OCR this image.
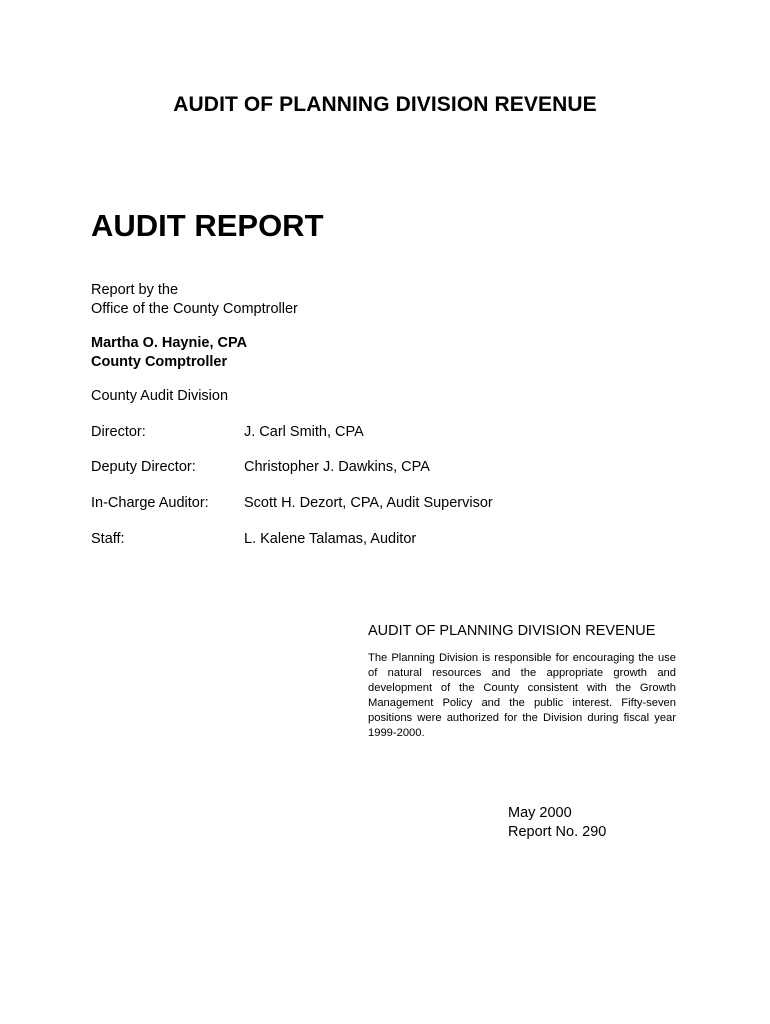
AUDIT OF PLANNING DIVISION REVENUE
AUDIT REPORT
Report by the
Office of the County Comptroller
Martha O. Haynie, CPA
County Comptroller
County Audit Division
Director:	J. Carl Smith, CPA
Deputy Director:	Christopher J. Dawkins, CPA
In-Charge Auditor: Scott H. Dezort, CPA, Audit Supervisor
Staff:	L. Kalene Talamas, Auditor
AUDIT OF PLANNING DIVISION REVENUE
The Planning Division is responsible for encouraging the use of natural resources and the appropriate growth and development of the County consistent with the Growth Management Policy and the public interest. Fifty-seven positions were authorized for the Division during fiscal year 1999-2000.
May 2000
Report No. 290
